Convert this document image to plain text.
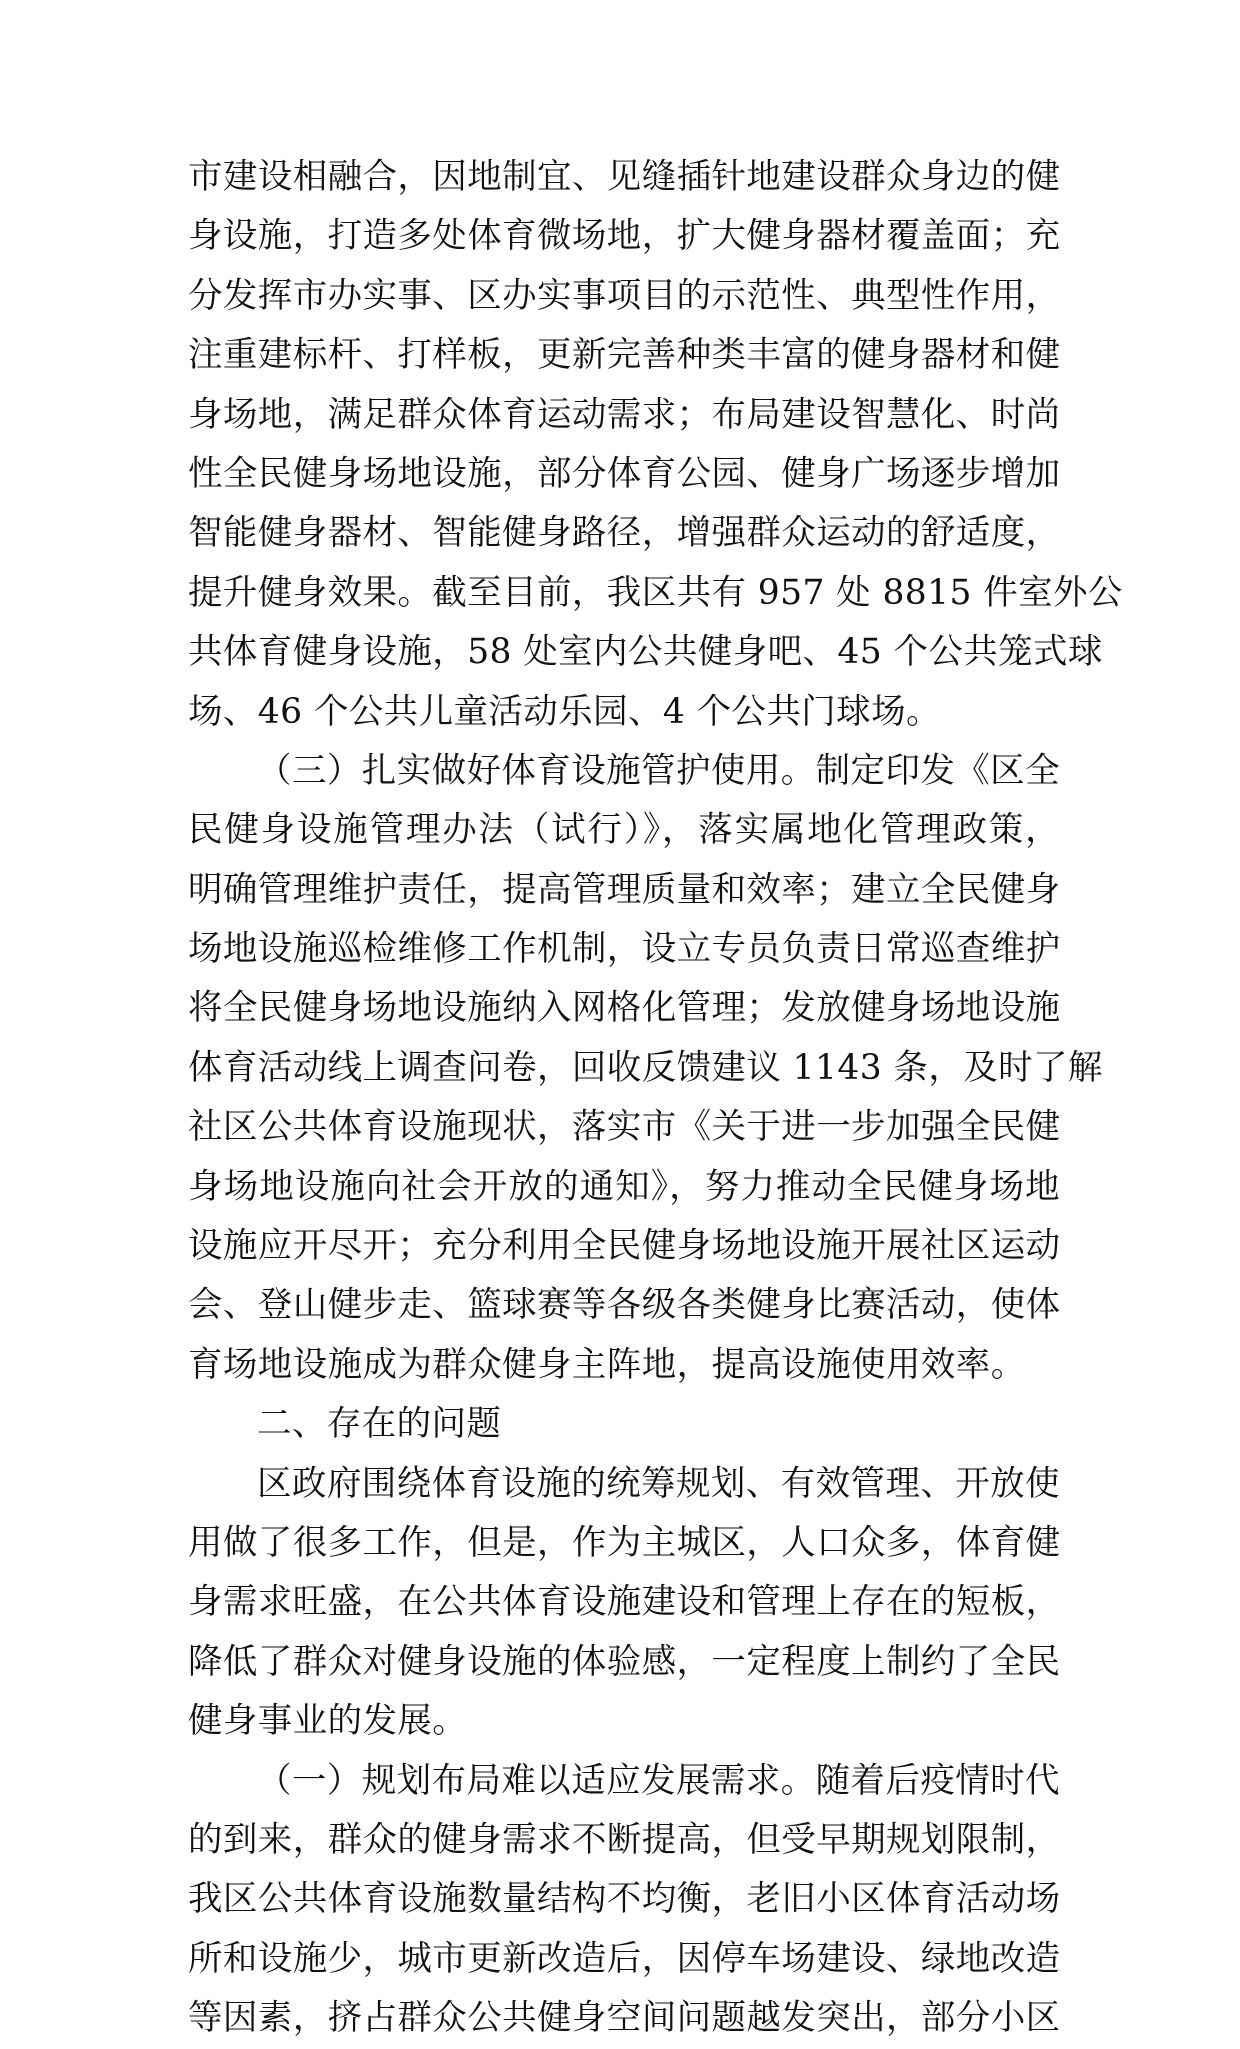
市建设相融合，因地制宜、见缝插针地建设群众身边的健
身设施，打造多处体育微场地，扩大健身器材覆盖面；充
分发挥市办实事、区办实事项目的示范性、典型性作用，
注重建标杆、打样板，更新完善种类丰富的健身器材和健
身场地，满足群众体育运动需求；布局建设智慧化、时尚
性全民健身场地设施，部分体育公园、健身广场逐步增加
智能健身器材、智能健身路径，增强群众运动的舒适度，
提升健身效果。截至目前，我区共有 957 处 8815 件室外公
共体育健身设施，58 处室内公共健身吧、45 个公共笼式球
场、46 个公共儿童活动乐园、4 个公共门球场。
（三）扎实做好体育设施管护使用。制定印发《区全
民健身设施管理办法（试行）》，落实属地化管理政策，
明确管理维护责任，提高管理质量和效率；建立全民健身
场地设施巡检维修工作机制，设立专员负责日常巡查维护
将全民健身场地设施纳入网格化管理；发放健身场地设施
体育活动线上调查问卷，回收反馈建议 1143 条，及时了解
社区公共体育设施现状，落实市《关于进一步加强全民健
身场地设施向社会开放的通知》，努力推动全民健身场地
设施应开尽开；充分利用全民健身场地设施开展社区运动
会、登山健步走、篮球赛等各级各类健身比赛活动，使体
育场地设施成为群众健身主阵地，提高设施使用效率。
二、存在的问题
区政府围绕体育设施的统筹规划、有效管理、开放使
用做了很多工作，但是，作为主城区，人口众多，体育健
身需求旺盛，在公共体育设施建设和管理上存在的短板，
降低了群众对健身设施的体验感，一定程度上制约了全民
健身事业的发展。
（一）规划布局难以适应发展需求。随着后疫情时代
的到来，群众的健身需求不断提高，但受早期规划限制，
我区公共体育设施数量结构不均衡，老旧小区体育活动场
所和设施少，城市更新改造后，因停车场建设、绿地改造
等因素，挤占群众公共健身空间问题越发突出，部分小区
